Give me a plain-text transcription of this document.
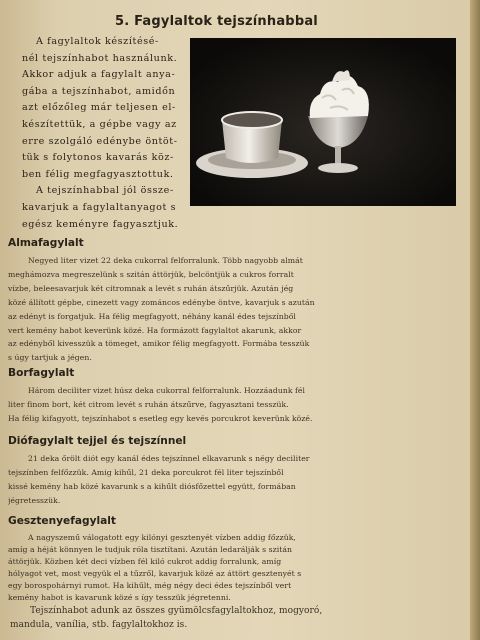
5. Fagylaltok tejszínhabbal
A fagylaltok készítésé-
nél tejszínhabot használunk.
Akkor adjuk a fagylalt anya-
gába a tejszínhabot, amidőn
azt előzőleg már teljesen el-
készítettük, a gépbe vagy az
erre szolgáló edénybe öntöt-
tük s folytonos kavarás köz-
ben félig megfagyasztottuk.
A tejszínhabbal jól össze-
kavarjuk a fagylaltanyagot s
egész keményre fagyasztjuk.
Almafagylalt
Negyed liter vizet 22 deka cukorral felforralunk. Több nagyobb almát
meghámozva megreszelünk s szitán áttörjük, belcöntjük a cukros forralt
vízbe, beleesavarjuk két citromnak a levét s ruhán átszűrjük. Azután jég
közé állított gépbe, cinezett vagy zománcos edénybe öntve, kavarjuk s azután
az edényt is forgatjuk. Ha félig megfagyott, néhány kanál édes tejszínből
vert kemény habot keverünk közé. Ha formázott fagylaltot akarunk, akkor
az edényből kivesszük a tömeget, amikor félig megfagyott. Formába tesszük
s úgy tartjuk a jégen.
Borfagylalt
Három deciliter vizet húsz deka cukorral felforralunk. Hozzáadunk fél
liter finom bort, két citrom levét s ruhán átszűrve, fagyasztani tesszük.
Ha félig kifagyott, tejszínhabot s esetleg egy kevés porcukrot keverünk közé.
Diófagylalt tejjel és tejszínnel
21 deka őrölt diót egy kanál édes tejszínnel elkavarunk s négy deciliter
tejszínben felfőzzük. Amig kihűl, 21 deka porcukrot fél liter tejszínből
kissé kemény hab közé kavarunk s a kihűlt diósfőzettel együtt, formában
jégretesszük.
Gesztenyefagylalt
A nagyszemű válogatott egy kilónyi gesztenyét vízben addig főzzük,
amíg a héját könnyen le tudjuk róla tisztítani. Azután ledarálják s szitán
áttörjük. Közben két deci vízben fél kiló cukrot addig forralunk, amíg
hólyagot vet, most vegyük el a tűzről, kavarjuk közé az áttört gesztenyét s
egy borospohárnyi rumot. Ha kihűlt, még négy deci édes tejszínből vert
kemény habot is kavarunk közé s így tesszük jégretenni.
Tejszínhabot adunk az összes gyümölcsfagylaltokhoz, mogyoró,
mandula, vanília, stb. fagylaltokhoz is.
